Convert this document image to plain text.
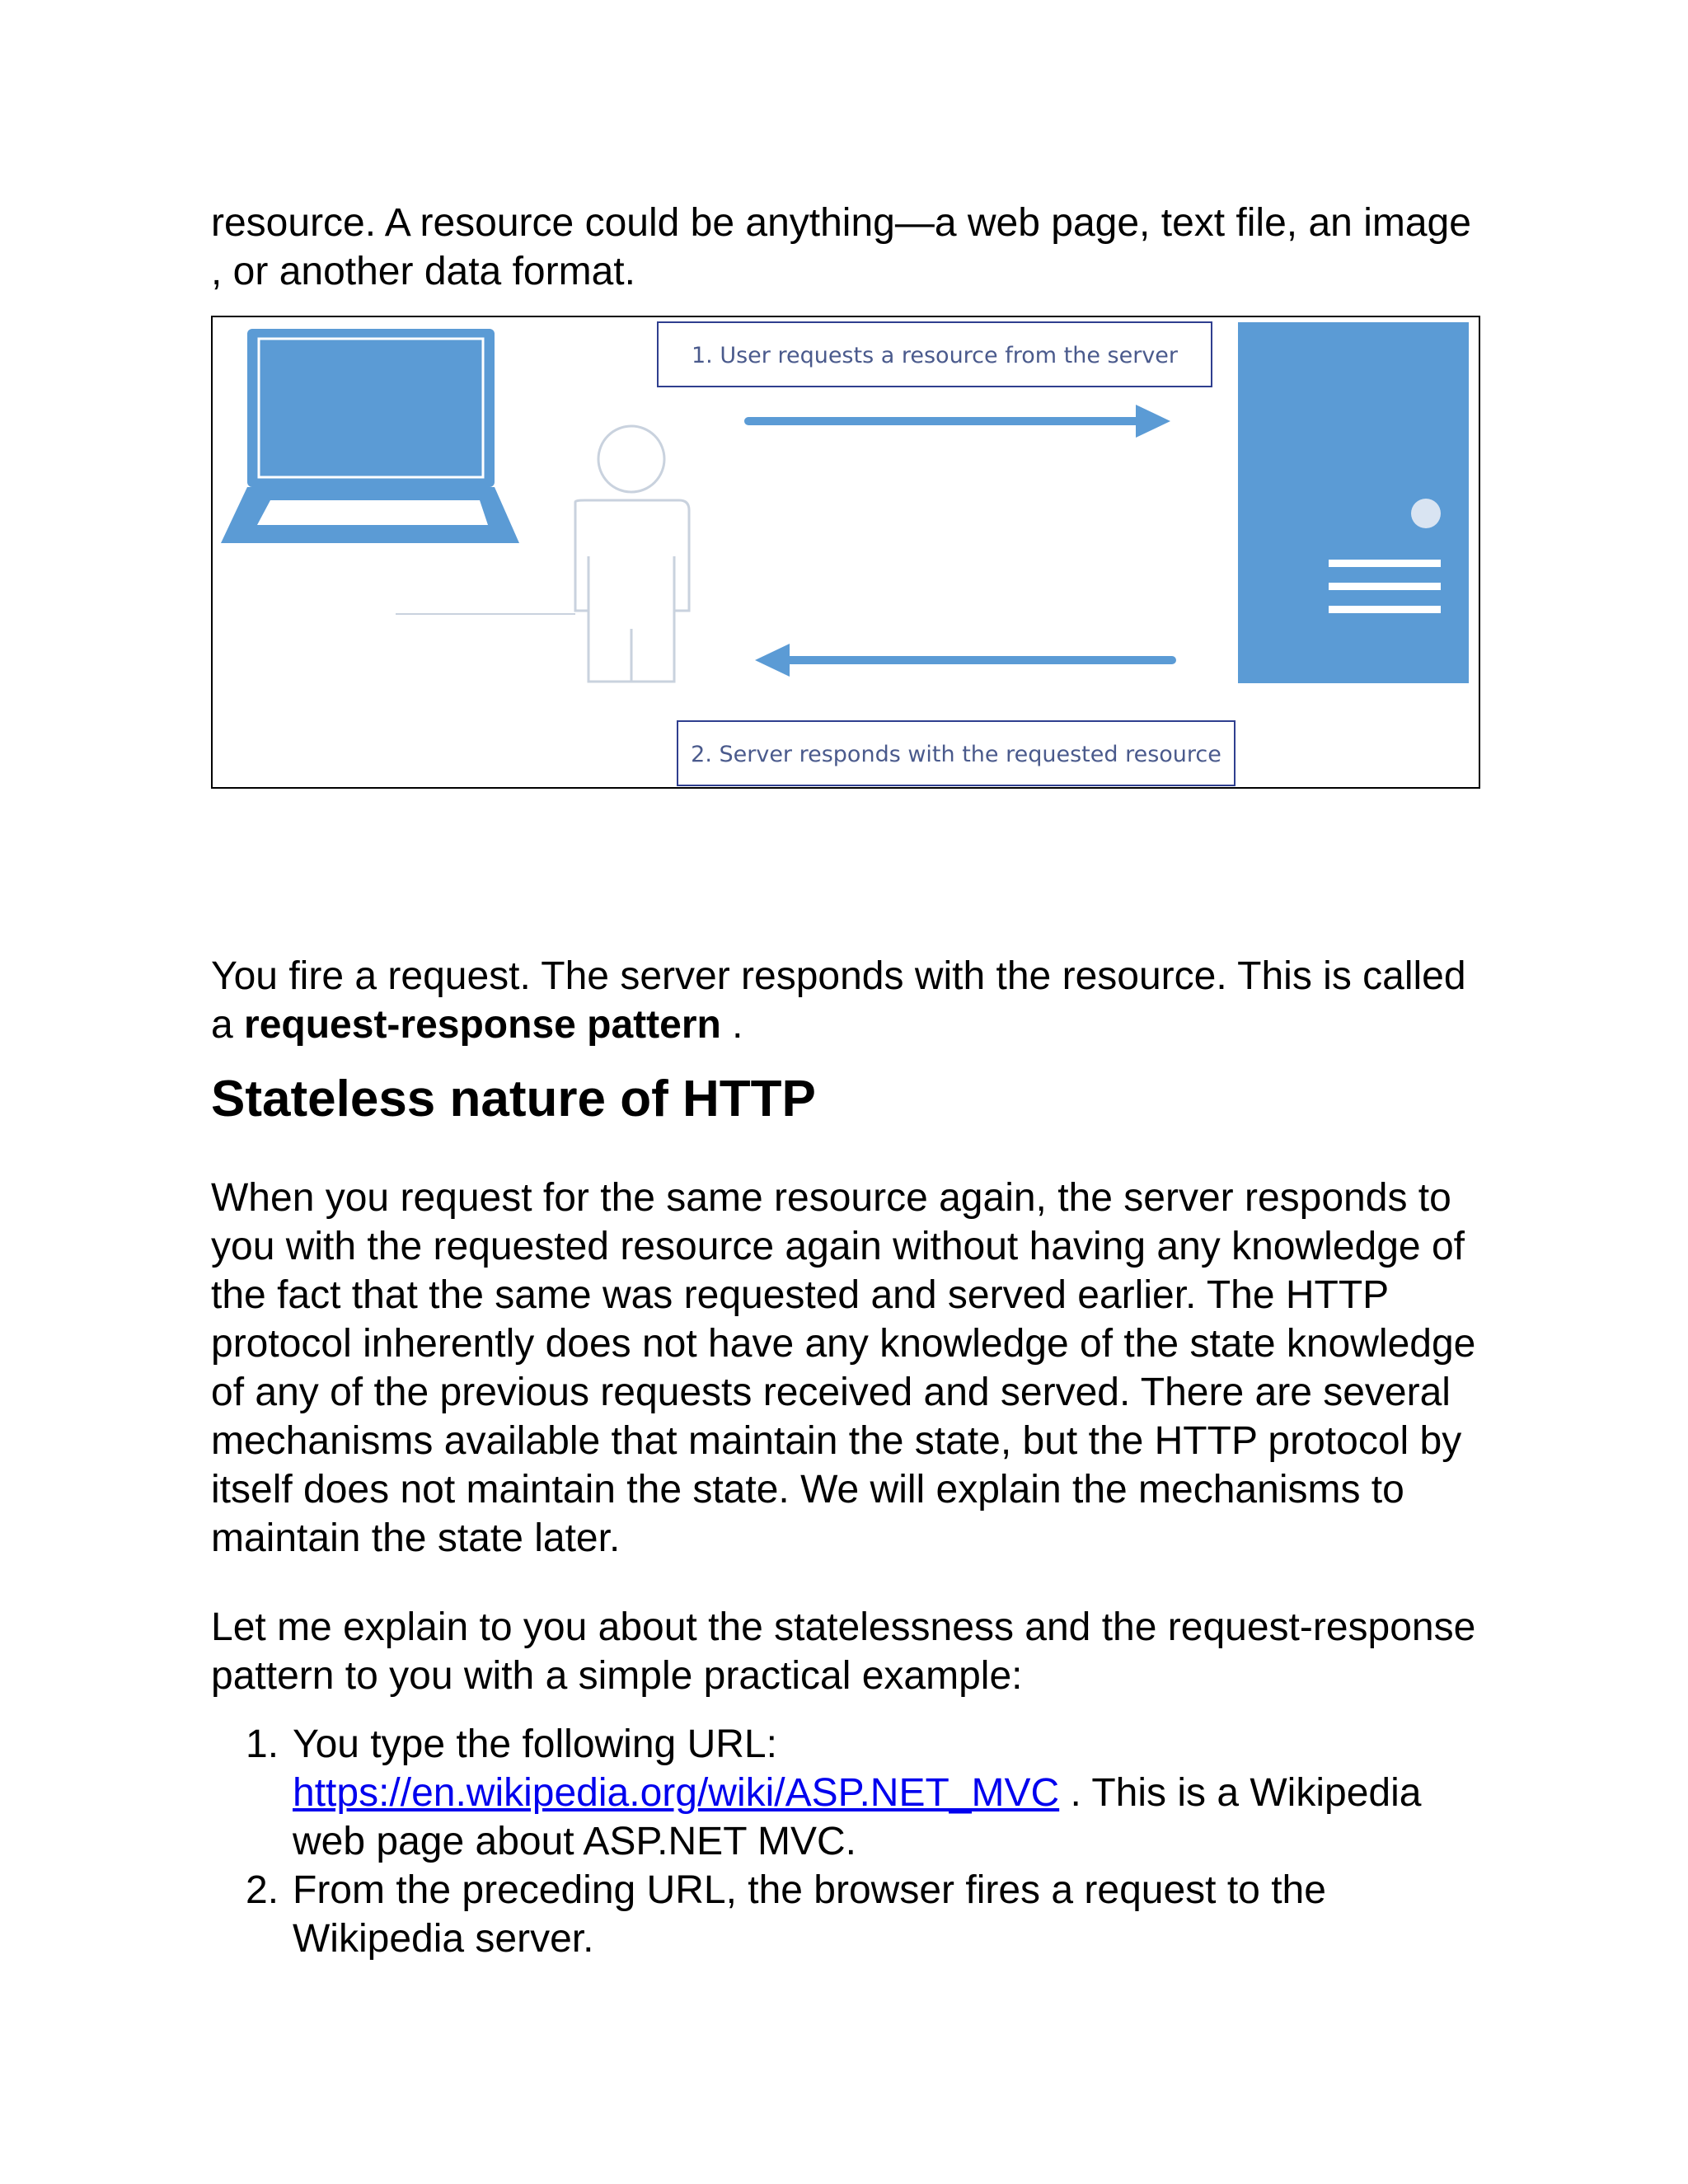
resource. A resource could be anything—a web page, text file, an image , or another data format.

1. User requests a resource from the server
2. Server responds with the requested resource

You fire a request. The server responds with the resource. This is called a request-response pattern .

Stateless nature of HTTP

When you request for the same resource again, the server responds to you with the requested resource again without having any knowledge of the fact that the same was requested and served earlier. The HTTP protocol inherently does not have any knowledge of the state knowledge of any of the previous requests received and served. There are several mechanisms available that maintain the state, but the HTTP protocol by itself does not maintain the state. We will explain the mechanisms to maintain the state later.

Let me explain to you about the statelessness and the request-response pattern to you with a simple practical example:

1. You type the following URL: https://en.wikipedia.org/wiki/ASP.NET_MVC . This is a Wikipedia web page about ASP.NET MVC.
2. From the preceding URL, the browser fires a request to the Wikipedia server.
